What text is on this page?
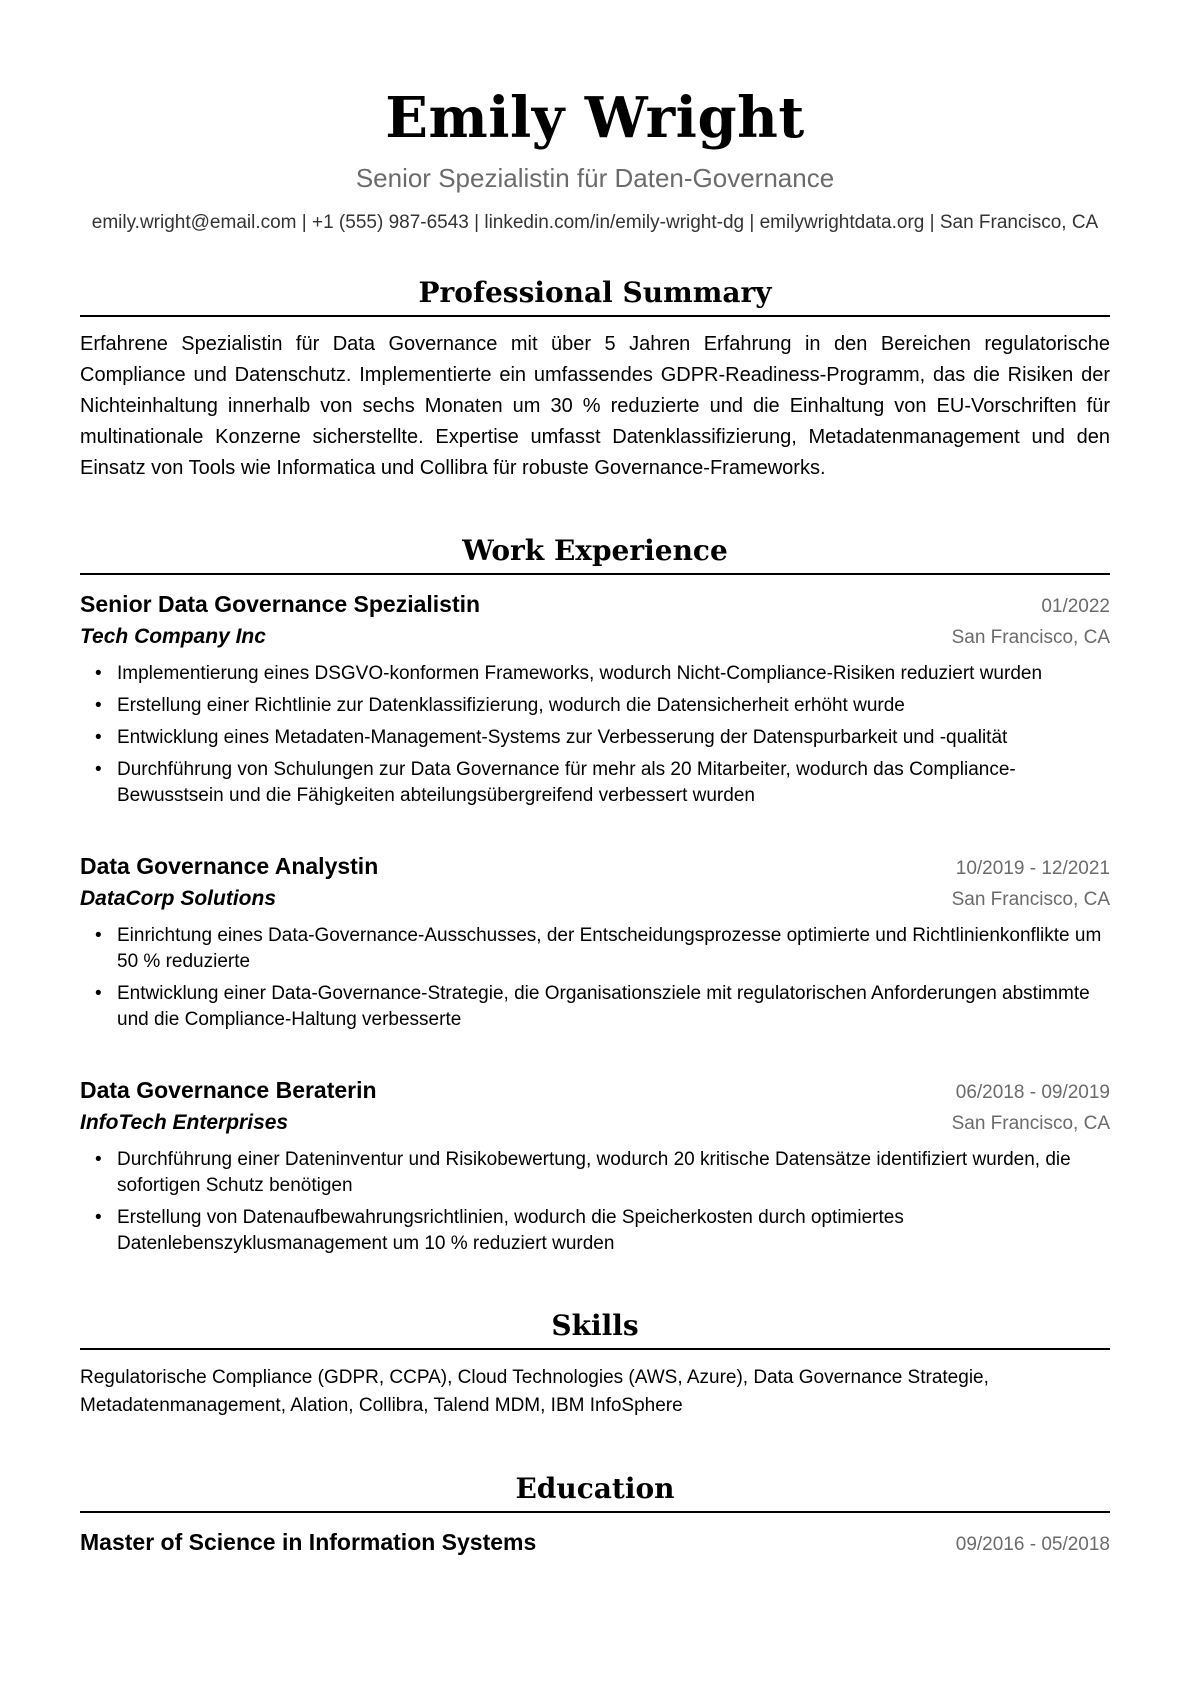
Emily Wright
Senior Spezialistin für Daten-Governance
emily.wright@email.com | +1 (555) 987-6543 | linkedin.com/in/emily-wright-dg | emilywrightdata.org | San Francisco, CA
Professional Summary
Erfahrene Spezialistin für Data Governance mit über 5 Jahren Erfahrung in den Bereichen regulatorische Compliance und Datenschutz. Implementierte ein umfassendes GDPR-Readiness-Programm, das die Risiken der Nichteinhaltung innerhalb von sechs Monaten um 30 % reduzierte und die Einhaltung von EU-Vorschriften für multinationale Konzerne sicherstellte. Expertise umfasst Datenklassifizierung, Metadatenmanagement und den Einsatz von Tools wie Informatica und Collibra für robuste Governance-Frameworks.
Work Experience
Senior Data Governance Spezialistin	01/2022
Tech Company Inc	San Francisco, CA
• Implementierung eines DSGVO-konformen Frameworks, wodurch Nicht-Compliance-Risiken reduziert wurden
• Erstellung einer Richtlinie zur Datenklassifizierung, wodurch die Datensicherheit erhöht wurde
• Entwicklung eines Metadaten-Management-Systems zur Verbesserung der Datenspurbarkeit und -qualität
• Durchführung von Schulungen zur Data Governance für mehr als 20 Mitarbeiter, wodurch das Compliance-Bewusstsein und die Fähigkeiten abteilungsübergreifend verbessert wurden
Data Governance Analystin	10/2019 - 12/2021
DataCorp Solutions	San Francisco, CA
• Einrichtung eines Data-Governance-Ausschusses, der Entscheidungsprozesse optimierte und Richtlinienkonflikte um 50 % reduzierte
• Entwicklung einer Data-Governance-Strategie, die Organisationsziele mit regulatorischen Anforderungen abstimmte und die Compliance-Haltung verbesserte
Data Governance Beraterin	06/2018 - 09/2019
InfoTech Enterprises	San Francisco, CA
• Durchführung einer Dateninventur und Risikobewertung, wodurch 20 kritische Datensätze identifiziert wurden, die sofortigen Schutz benötigen
• Erstellung von Datenaufbewahrungsrichtlinien, wodurch die Speicherkosten durch optimiertes Datenlebenszyklusmanagement um 10 % reduziert wurden
Skills
Regulatorische Compliance (GDPR, CCPA), Cloud Technologies (AWS, Azure), Data Governance Strategie, Metadatenmanagement, Alation, Collibra, Talend MDM, IBM InfoSphere
Education
Master of Science in Information Systems	09/2016 - 05/2018
